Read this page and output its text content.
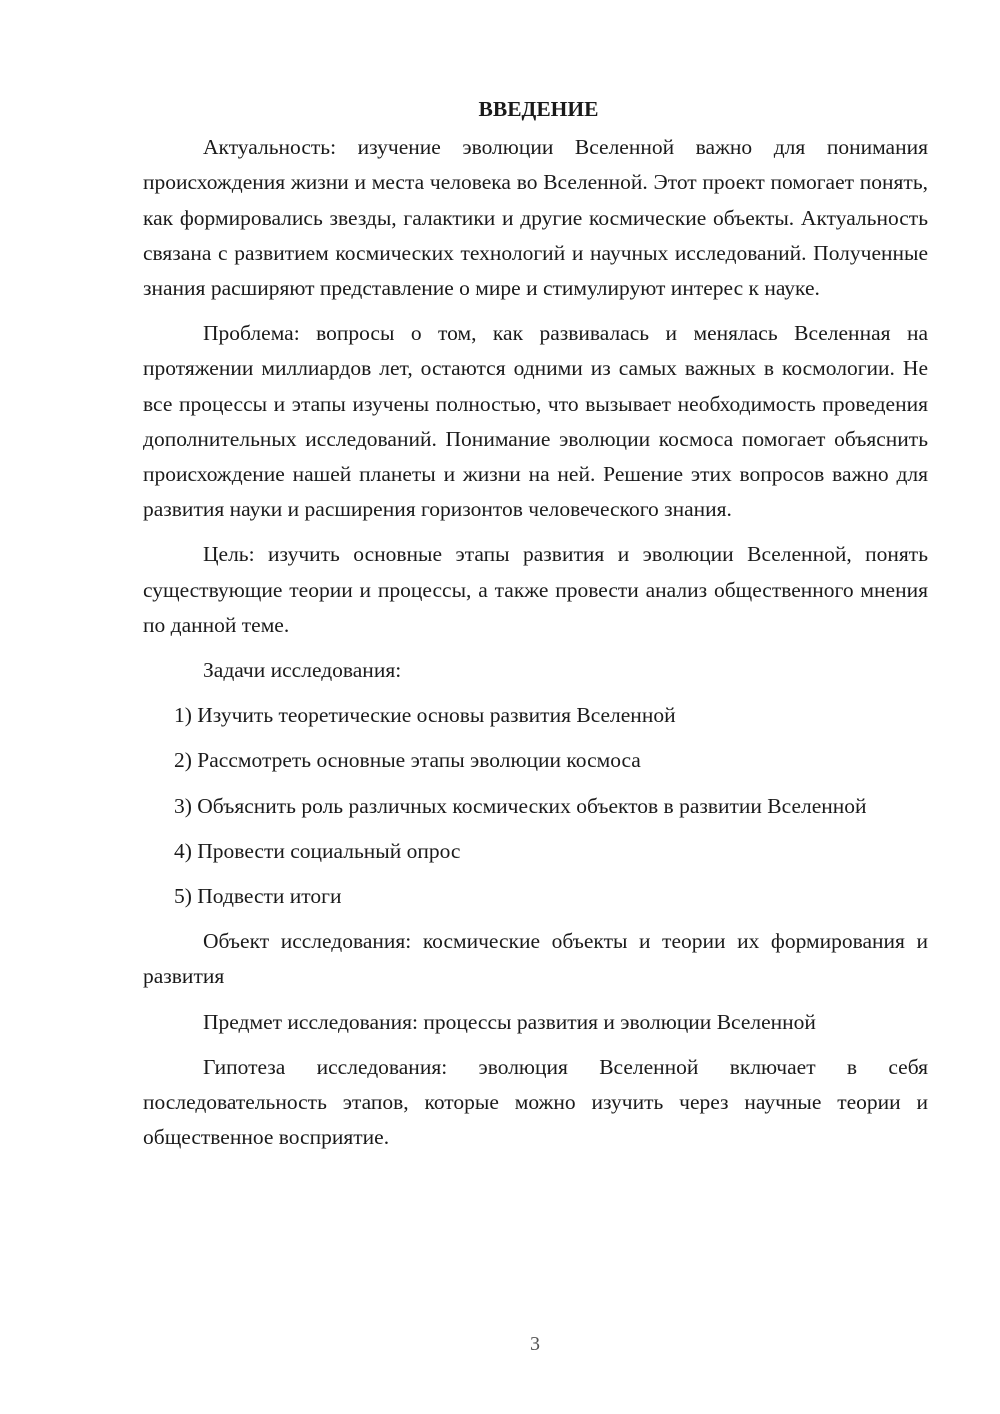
ВВЕДЕНИЕ

Актуальность: изучение эволюции Вселенной важно для понимания происхождения жизни и места человека во Вселенной. Этот проект помогает понять, как формировались звезды, галактики и другие космические объекты. Актуальность связана с развитием космических технологий и научных исследований. Полученные знания расширяют представление о мире и стимулируют интерес к науке.

Проблема: вопросы о том, как развивалась и менялась Вселенная на протяжении миллиардов лет, остаются одними из самых важных в космологии. Не все процессы и этапы изучены полностью, что вызывает необходимость проведения дополнительных исследований. Понимание эволюции космоса помогает объяснить происхождение нашей планеты и жизни на ней. Решение этих вопросов важно для развития науки и расширения горизонтов человеческого знания.

Цель: изучить основные этапы развития и эволюции Вселенной, понять существующие теории и процессы, а также провести анализ общественного мнения по данной теме.

Задачи исследования:

1) Изучить теоретические основы развития Вселенной

2) Рассмотреть основные этапы эволюции космоса

3) Объяснить роль различных космических объектов в развитии Вселенной

4) Провести социальный опрос

5) Подвести итоги

Объект исследования: космические объекты и теории их формирования и развития

Предмет исследования: процессы развития и эволюции Вселенной

Гипотеза исследования: эволюция Вселенной включает в себя последовательность этапов, которые можно изучить через научные теории и общественное восприятие.

3
